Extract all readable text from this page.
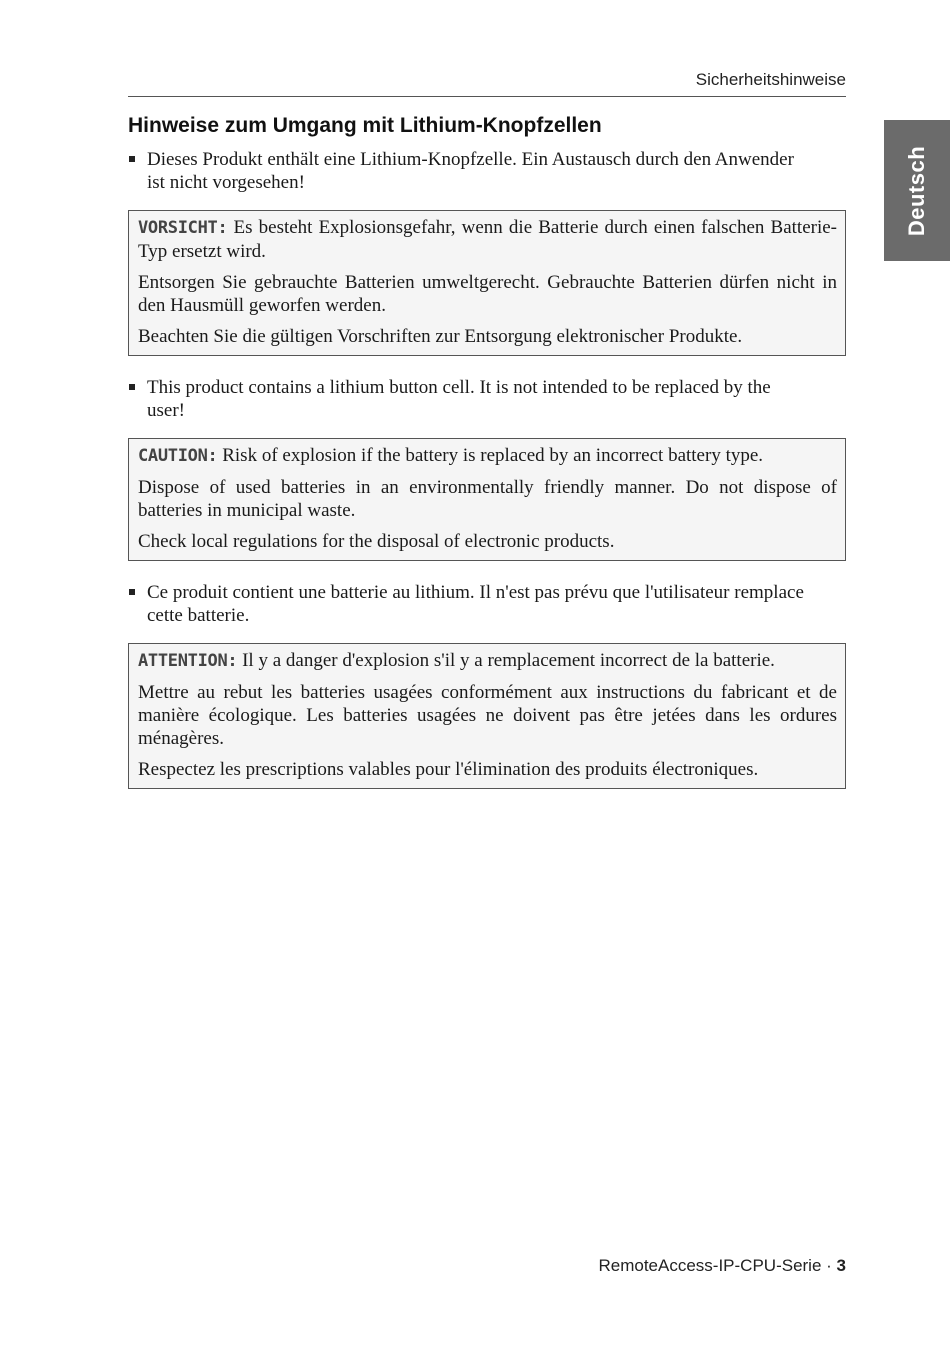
Sicherheitshinweise
Deutsch
Hinweise zum Umgang mit Lithium-Knopfzellen
Dieses Produkt enthält eine Lithium-Knopfzelle. Ein Austausch durch den Anwender ist nicht vorgesehen!

VORSICHT: Es besteht Explosionsgefahr, wenn die Batterie durch einen falschen Batterie-Typ ersetzt wird.

Entsorgen Sie gebrauchte Batterien umweltgerecht. Gebrauchte Batterien dürfen nicht in den Hausmüll geworfen werden.

Beachten Sie die gültigen Vorschriften zur Entsorgung elektronischer Produkte.

This product contains a lithium button cell. It is not intended to be replaced by the user!

CAUTION: Risk of explosion if the battery is replaced by an incorrect battery type.

Dispose of used batteries in an environmentally friendly manner. Do not dispose of batteries in municipal waste.

Check local regulations for the disposal of electronic products.

Ce produit contient une batterie au lithium. Il n'est pas prévu que l'utilisateur remplace cette batterie.

ATTENTION: Il y a danger d'explosion s'il y a remplacement incorrect de la batterie.

Mettre au rebut les batteries usagées conformément aux instructions du fabricant et de manière écologique. Les batteries usagées ne doivent pas être jetées dans les ordures ménagères.

Respectez les prescriptions valables pour l'élimination des produits électroniques.

RemoteAccess-IP-CPU-Serie · 3
